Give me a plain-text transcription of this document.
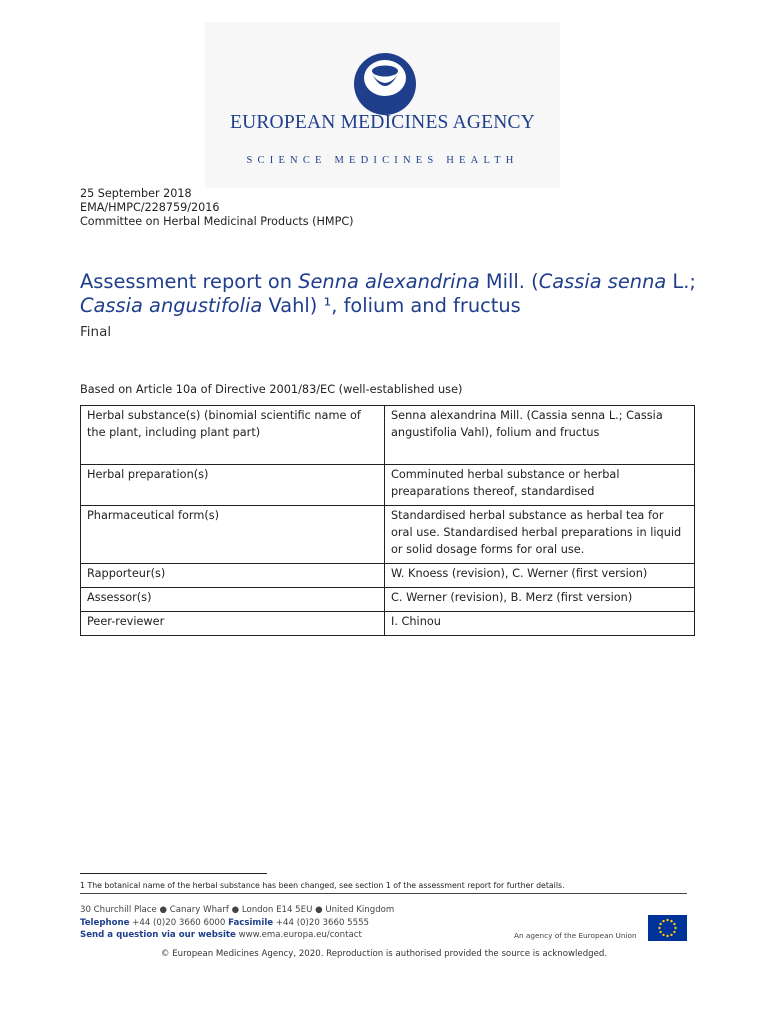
EUROPEAN MEDICINES AGENCY
SCIENCE MEDICINES HEALTH
25 September 2018
EMA/HMPC/228759/2016
Committee on Herbal Medicinal Products (HMPC)
Assessment report on Senna alexandrina Mill. (Cassia senna L.; Cassia angustifolia Vahl) ¹, folium and fructus
Final
Based on Article 10a of Directive 2001/83/EC (well-established use)
Herbal substance(s) (binomial scientific name of the plant, including plant part)	Senna alexandrina Mill. (Cassia senna L.; Cassia angustifolia Vahl), folium and fructus
Herbal preparation(s)	Comminuted herbal substance or herbal preaparations thereof, standardised
Pharmaceutical form(s)	Standardised herbal substance as herbal tea for oral use. Standardised herbal preparations in liquid or solid dosage forms for oral use.
Rapporteur(s)	W. Knoess (revision), C. Werner (first version)
Assessor(s)	C. Werner (revision), B. Merz (first version)
Peer-reviewer	I. Chinou
1 The botanical name of the herbal substance has been changed, see section 1 of the assessment report for further details.
30 Churchill Place ● Canary Wharf ● London E14 5EU ● United Kingdom
Telephone +44 (0)20 3660 6000 Facsimile +44 (0)20 3660 5555
Send a question via our website www.ema.europa.eu/contact	An agency of the European Union
© European Medicines Agency, 2020. Reproduction is authorised provided the source is acknowledged.
